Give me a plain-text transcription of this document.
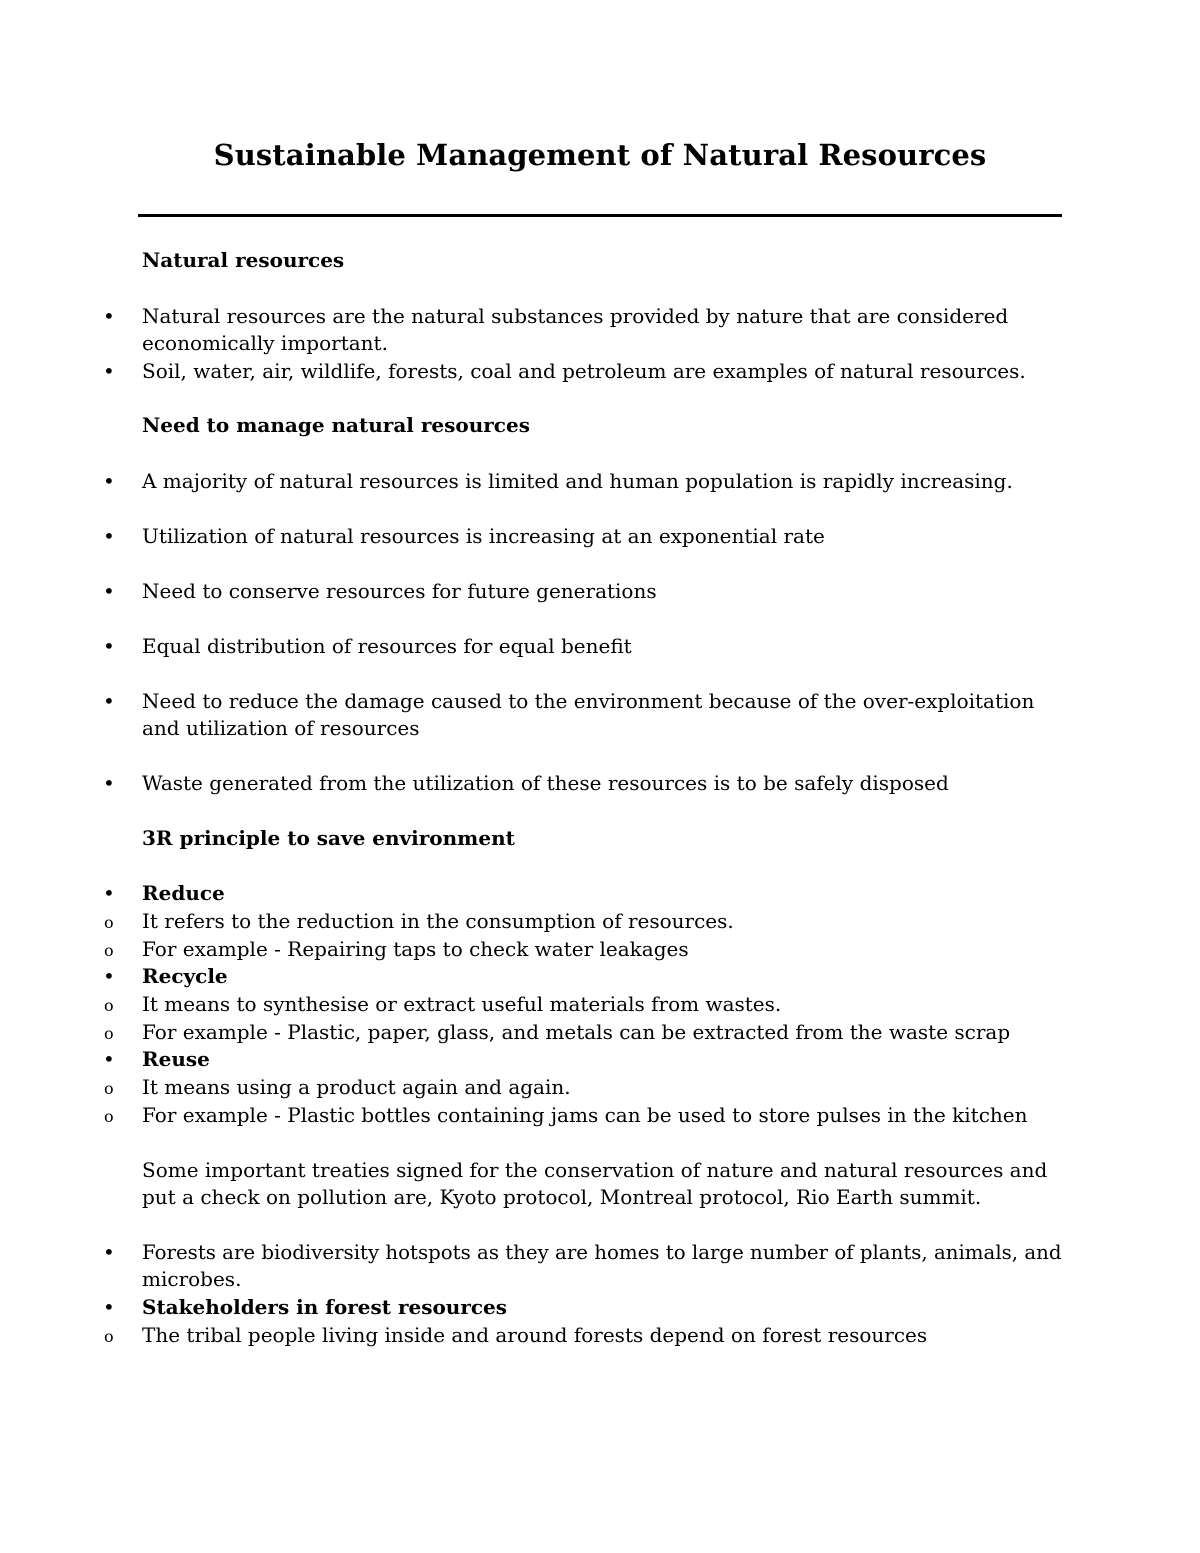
Sustainable Management of Natural Resources
Natural resources
• Natural resources are the natural substances provided by nature that are considered
economically important.
• Soil, water, air, wildlife, forests, coal and petroleum are examples of natural resources.
Need to manage natural resources
• A majority of natural resources is limited and human population is rapidly increasing.
• Utilization of natural resources is increasing at an exponential rate
• Need to conserve resources for future generations
• Equal distribution of resources for equal benefit
• Need to reduce the damage caused to the environment because of the over-exploitation
and utilization of resources
• Waste generated from the utilization of these resources is to be safely disposed
3R principle to save environment
• Reduce
o It refers to the reduction in the consumption of resources.
o For example - Repairing taps to check water leakages
• Recycle
o It means to synthesise or extract useful materials from wastes.
o For example - Plastic, paper, glass, and metals can be extracted from the waste scrap
• Reuse
o It means using a product again and again.
o For example - Plastic bottles containing jams can be used to store pulses in the kitchen
Some important treaties signed for the conservation of nature and natural resources and
put a check on pollution are, Kyoto protocol, Montreal protocol, Rio Earth summit.
• Forests are biodiversity hotspots as they are homes to large number of plants, animals, and
microbes.
• Stakeholders in forest resources
o The tribal people living inside and around forests depend on forest resources
